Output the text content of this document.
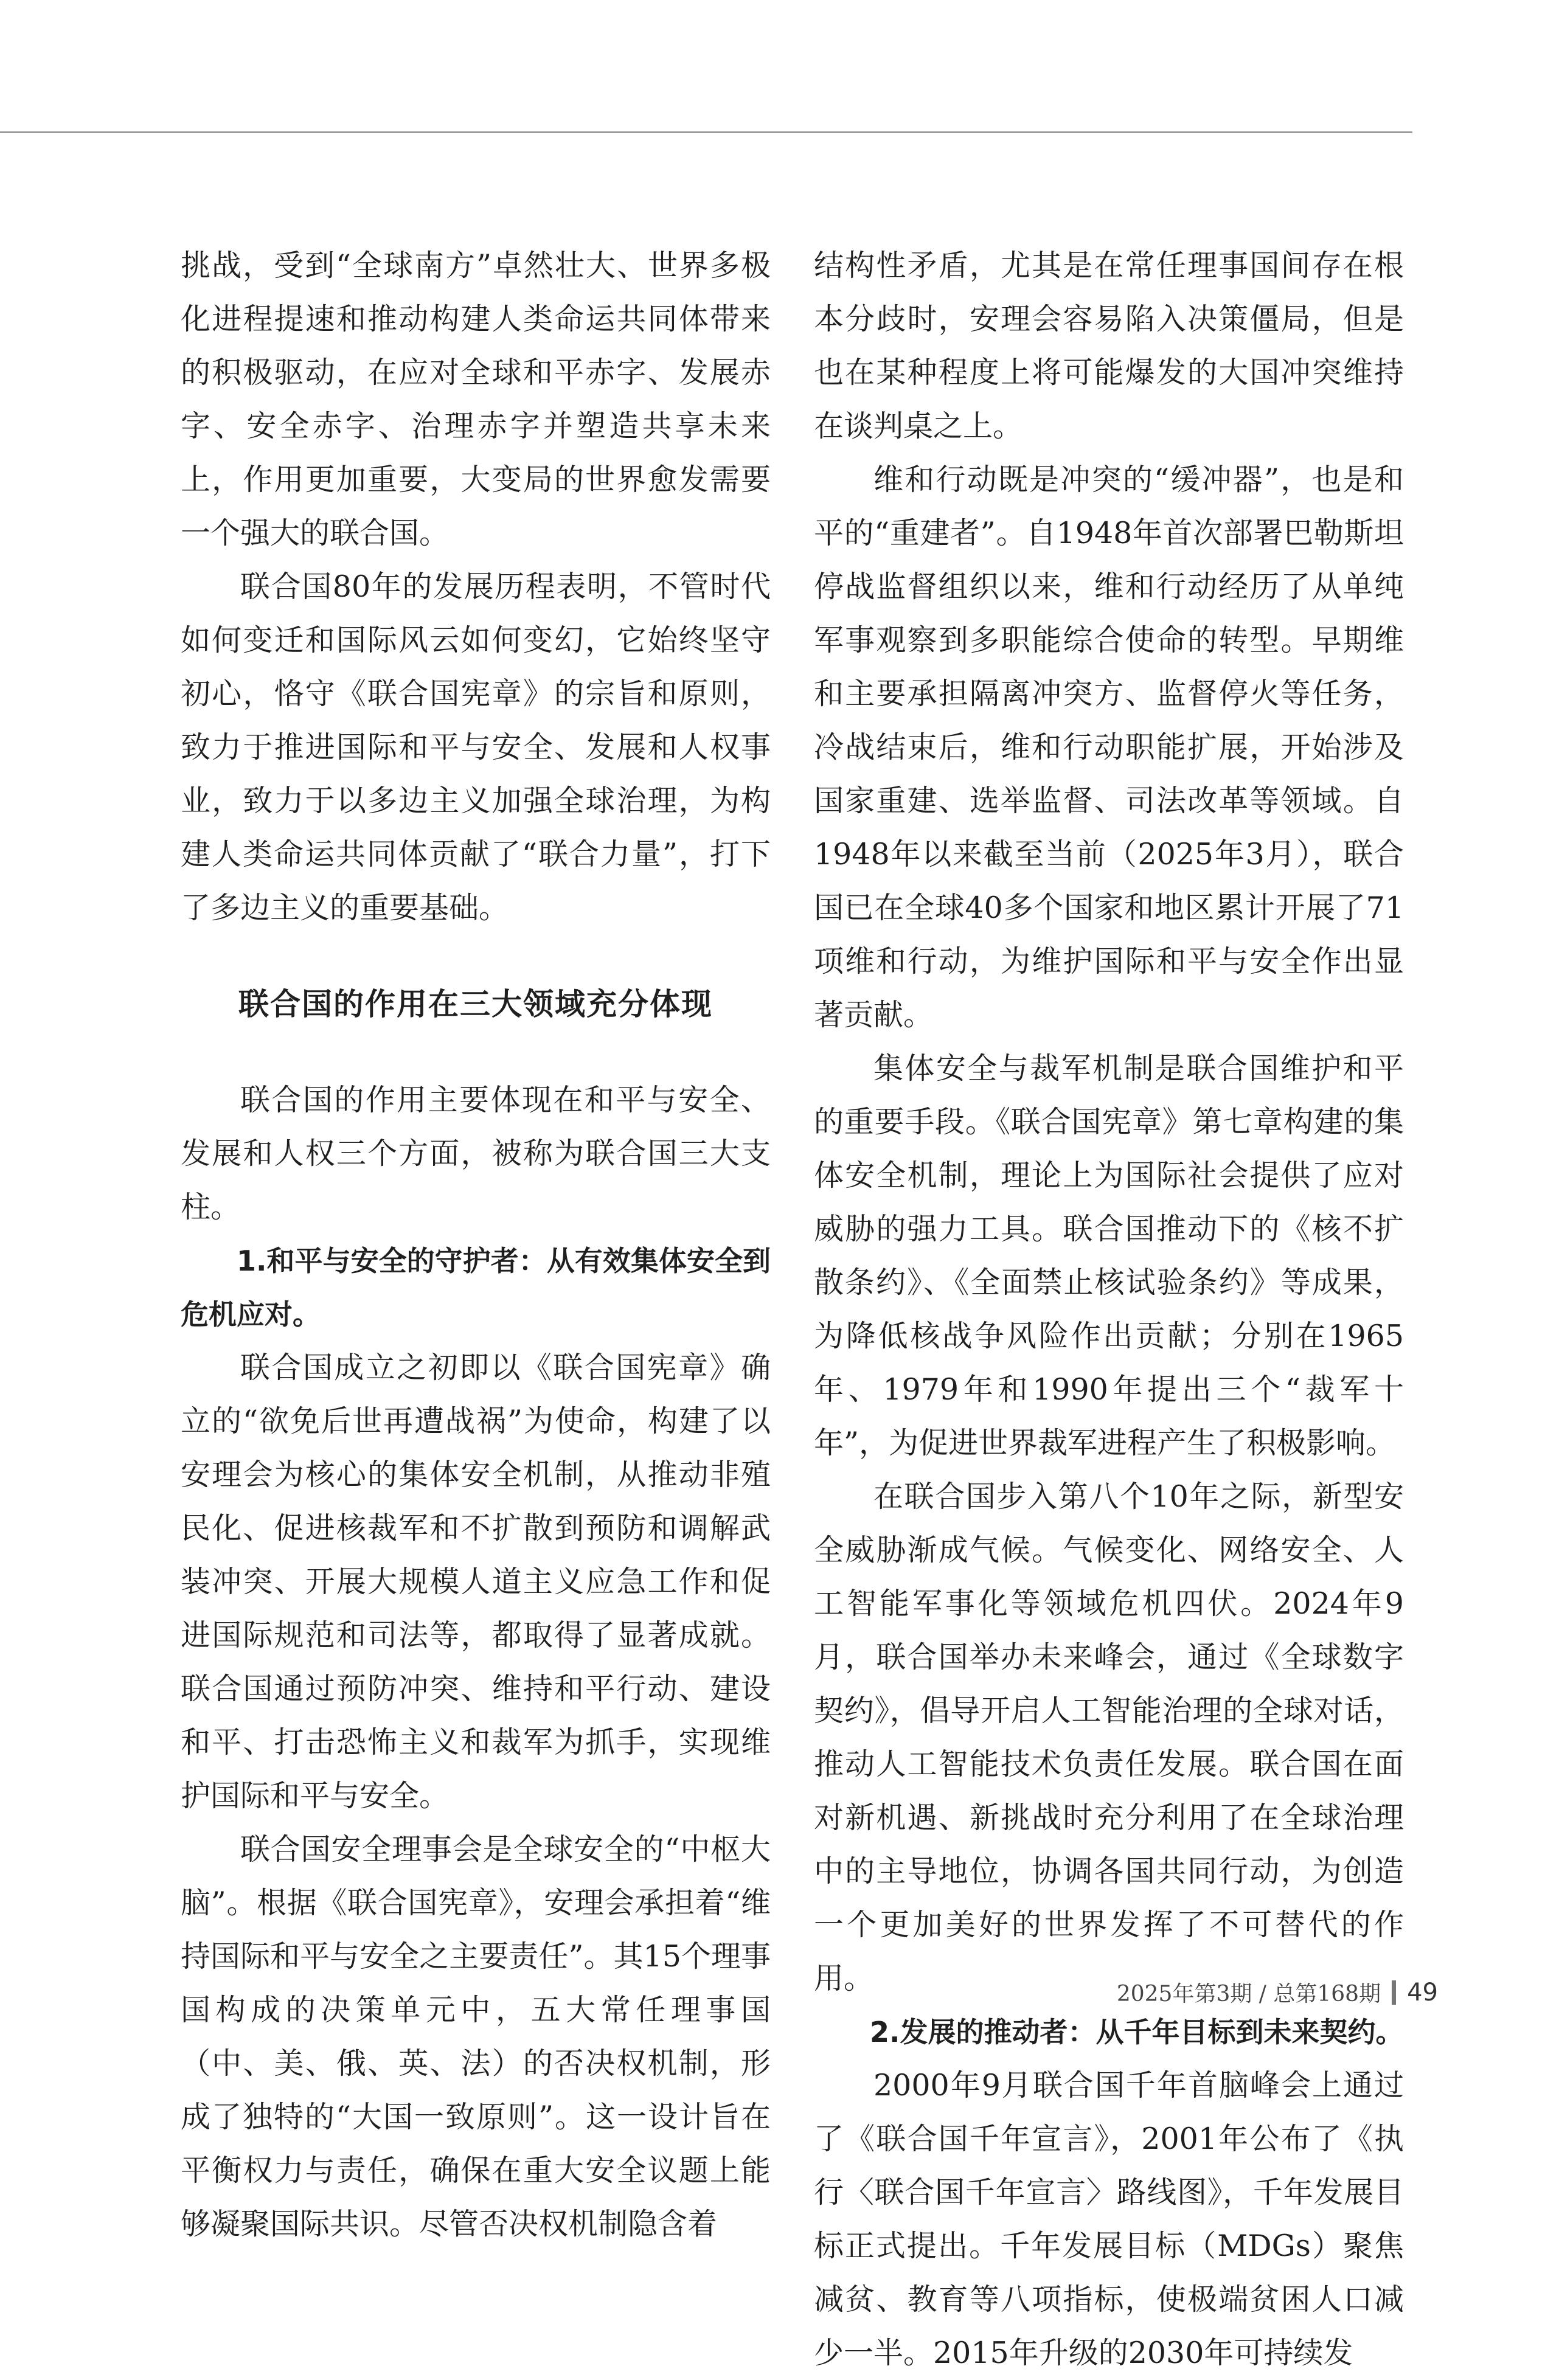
挑战，受到“全球南方”卓然壮大、世界多极化进程提速和推动构建人类命运共同体带来的积极驱动，在应对全球和平赤字、发展赤字、安全赤字、治理赤字并塑造共享未来上，作用更加重要，大变局的世界愈发需要一个强大的联合国。

联合国80年的发展历程表明，不管时代如何变迁和国际风云如何变幻，它始终坚守初心，恪守《联合国宪章》的宗旨和原则，致力于推进国际和平与安全、发展和人权事业，致力于以多边主义加强全球治理，为构建人类命运共同体贡献了“联合力量”，打下了多边主义的重要基础。

联合国的作用在三大领域充分体现

联合国的作用主要体现在和平与安全、发展和人权三个方面，被称为联合国三大支柱。

1.和平与安全的守护者：从有效集体安全到危机应对。

联合国成立之初即以《联合国宪章》确立的“欲免后世再遭战祸”为使命，构建了以安理会为核心的集体安全机制，从推动非殖民化、促进核裁军和不扩散到预防和调解武装冲突、开展大规模人道主义应急工作和促进国际规范和司法等，都取得了显著成就。联合国通过预防冲突、维持和平行动、建设和平、打击恐怖主义和裁军为抓手，实现维护国际和平与安全。

联合国安全理事会是全球安全的“中枢大脑”。根据《联合国宪章》，安理会承担着“维持国际和平与安全之主要责任”。其15个理事国构成的决策单元中，五大常任理事国（中、美、俄、英、法）的否决权机制，形成了独特的“大国一致原则”。这一设计旨在平衡权力与责任，确保在重大安全议题上能够凝聚国际共识。尽管否决权机制隐含着

结构性矛盾，尤其是在常任理事国间存在根本分歧时，安理会容易陷入决策僵局，但是也在某种程度上将可能爆发的大国冲突维持在谈判桌之上。

维和行动既是冲突的“缓冲器”，也是和平的“重建者”。自1948年首次部署巴勒斯坦停战监督组织以来，维和行动经历了从单纯军事观察到多职能综合使命的转型。早期维和主要承担隔离冲突方、监督停火等任务，冷战结束后，维和行动职能扩展，开始涉及国家重建、选举监督、司法改革等领域。自1948年以来截至当前（2025年3月），联合国已在全球40多个国家和地区累计开展了71项维和行动，为维护国际和平与安全作出显著贡献。

集体安全与裁军机制是联合国维护和平的重要手段。《联合国宪章》第七章构建的集体安全机制，理论上为国际社会提供了应对威胁的强力工具。联合国推动下的《核不扩散条约》、《全面禁止核试验条约》等成果，为降低核战争风险作出贡献；分别在1965年、1979年和1990年提出三个“裁军十年”，为促进世界裁军进程产生了积极影响。

在联合国步入第八个10年之际，新型安全威胁渐成气候。气候变化、网络安全、人工智能军事化等领域危机四伏。2024年9月，联合国举办未来峰会，通过《全球数字契约》，倡导开启人工智能治理的全球对话，推动人工智能技术负责任发展。联合国在面对新机遇、新挑战时充分利用了在全球治理中的主导地位，协调各国共同行动，为创造一个更加美好的世界发挥了不可替代的作用。

2.发展的推动者：从千年目标到未来契约。

2000年9月联合国千年首脑峰会上通过了《联合国千年宣言》，2001年公布了《执行〈联合国千年宣言〉路线图》，千年发展目标正式提出。千年发展目标（MDGs）聚焦减贫、教育等八项指标，使极端贫困人口减少一半。2015年升级的2030年可持续发

2025年第3期 / 总第168期 49
